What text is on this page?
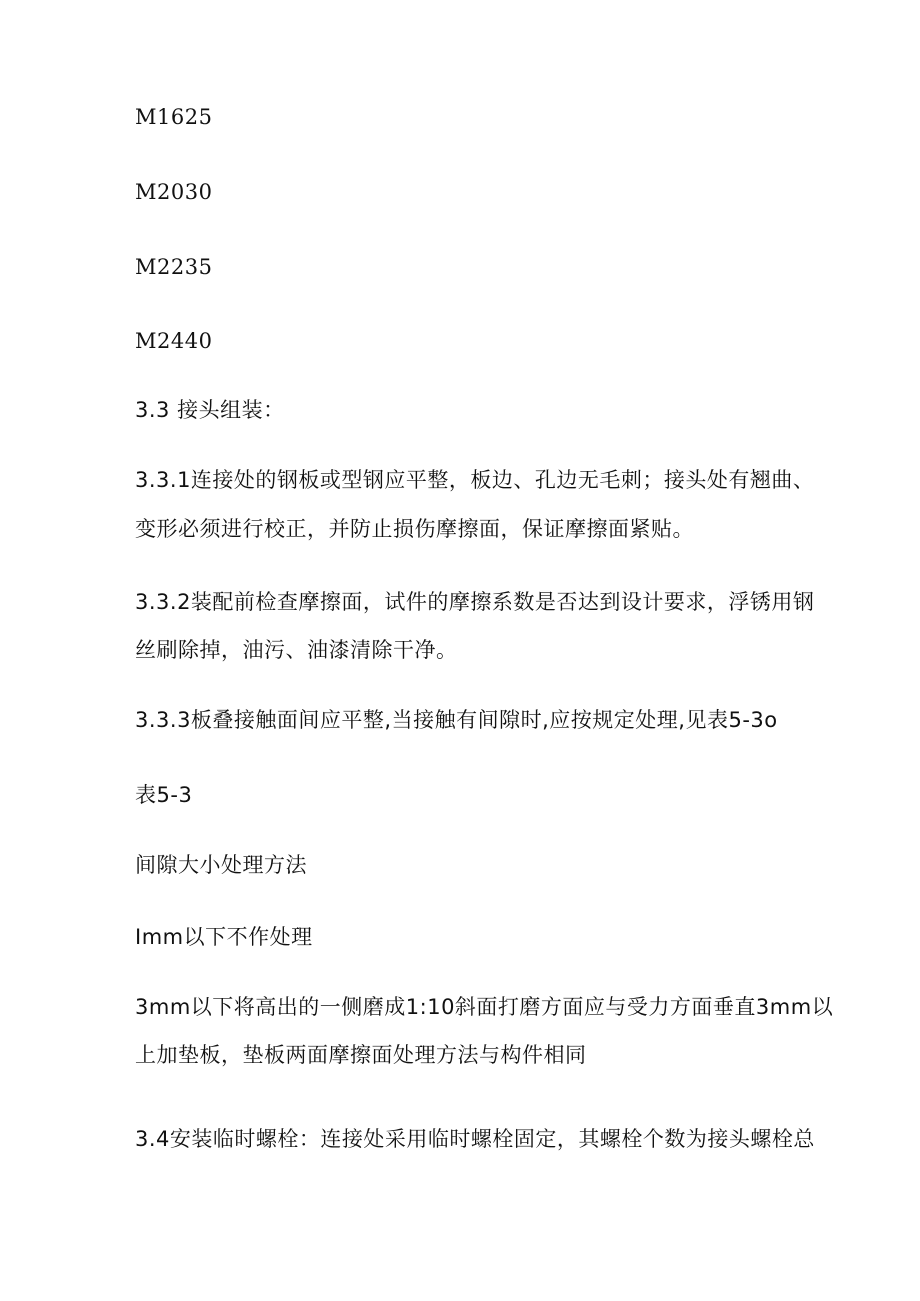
M1625
M2030
M2235
M2440
3.3 接头组装：
3.3.1连接处的钢板或型钢应平整，板边、孔边无毛刺；接头处有翘曲、
变形必须进行校正，并防止损伤摩擦面，保证摩擦面紧贴。
3.3.2装配前检查摩擦面，试件的摩擦系数是否达到设计要求，浮锈用钢
丝刷除掉，油污、油漆清除干净。
3.3.3板叠接触面间应平整,当接触有间隙时,应按规定处理,见表5-3o
表5-3
间隙大小处理方法
Imm以下不作处理
3mm以下将高出的一侧磨成1:10斜面打磨方面应与受力方面垂直3mm以
上加垫板，垫板两面摩擦面处理方法与构件相同
3.4安装临时螺栓：连接处采用临时螺栓固定，其螺栓个数为接头螺栓总
